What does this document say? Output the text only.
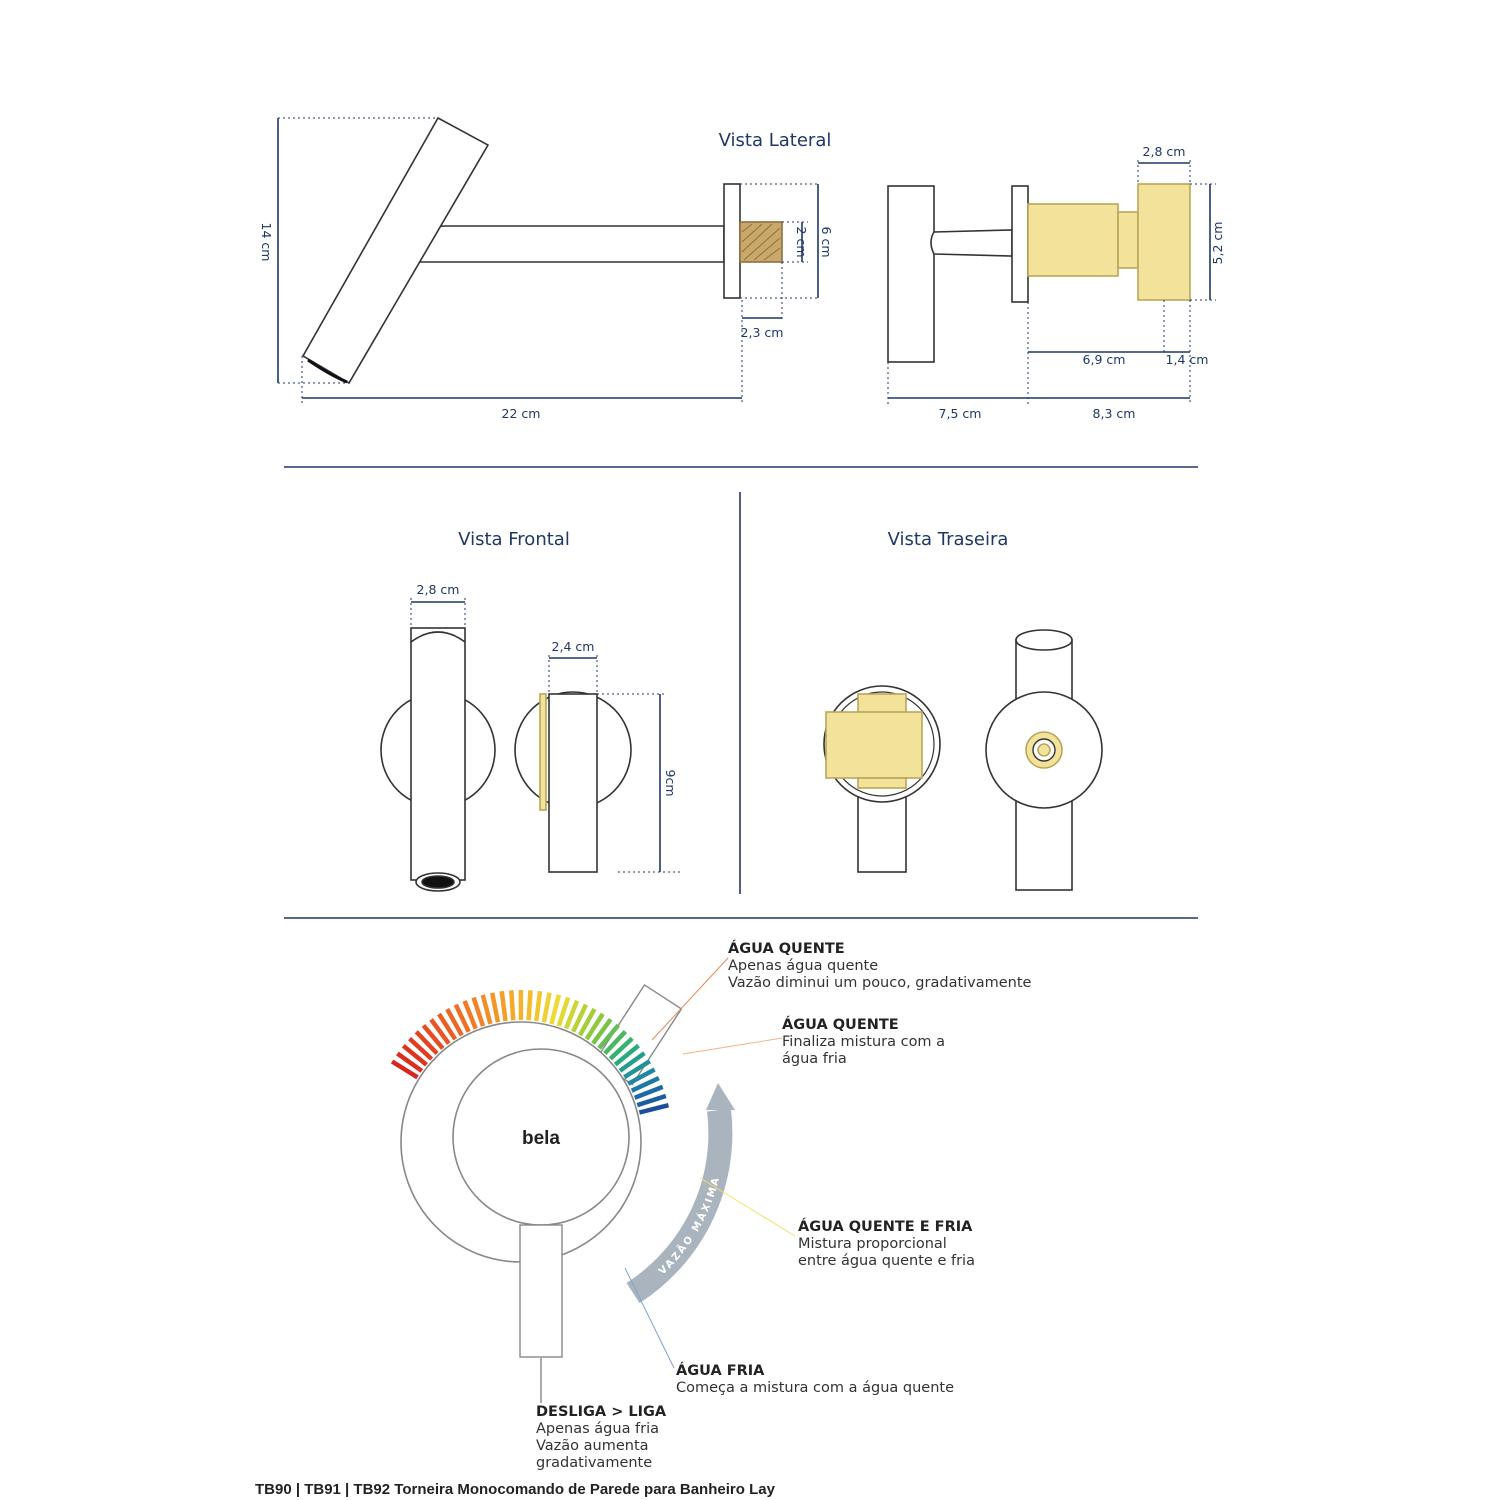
Vista Lateral
14 cm
22 cm
2 cm 6 cm
2,3 cm
2,8 cm
5,2 cm
6,9 cm	1,4 cm
7,5 cm	8,3 cm
Vista Frontal
2,8 cm
2,4 cm
9cm
Vista Traseira
bela
VAZÃO MÁXIMA
ÁGUA QUENTE
Apenas água quente
Vazão diminui um pouco, gradativamente
ÁGUA QUENTE
Finaliza mistura com a
água fria
ÁGUA QUENTE E FRIA
Mistura proporcional
entre água quente e fria
ÁGUA FRIA
Começa a mistura com a água quente
DESLIGA > LIGA
Apenas água fria
Vazão aumenta
gradativamente
TB90 | TB91 | TB92 Torneira Monocomando de Parede para Banheiro Lay
